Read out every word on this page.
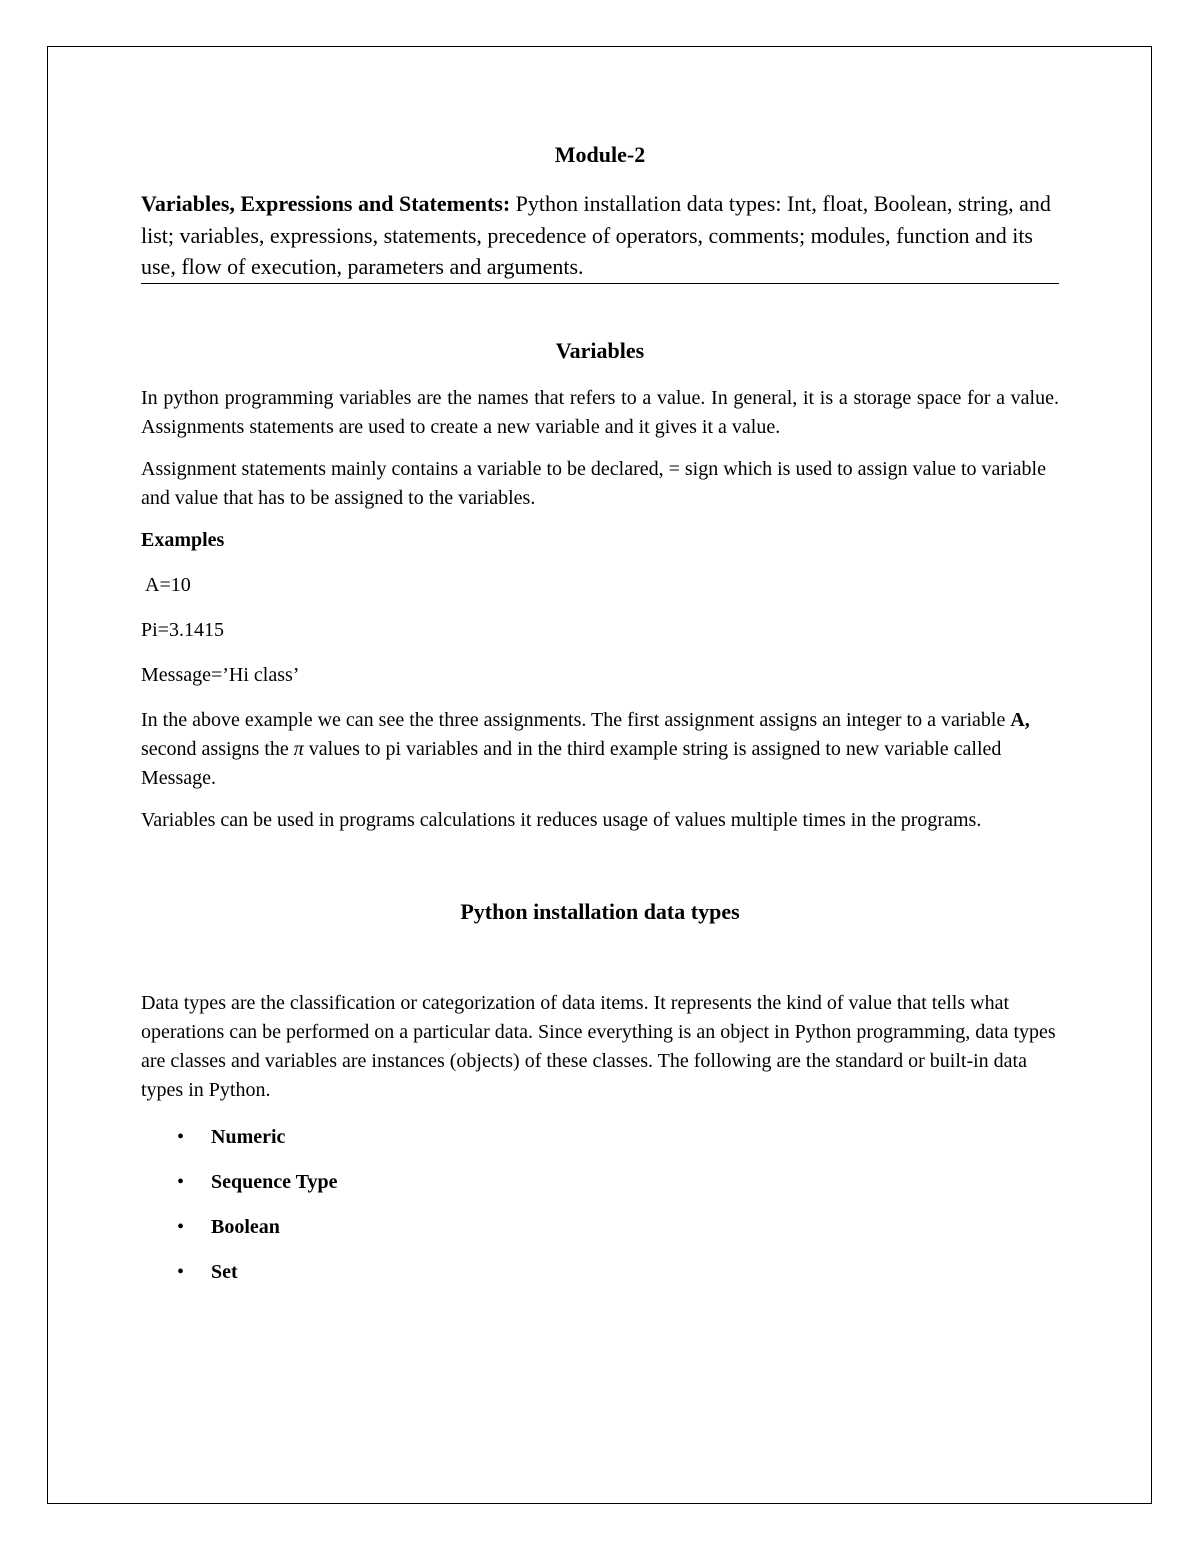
Module-2

Variables, Expressions and Statements: Python installation data types: Int, float, Boolean, string, and list; variables, expressions, statements, precedence of operators, comments; modules, function and its use, flow of execution, parameters and arguments.

Variables

In python programming variables are the names that refers to a value. In general, it is a storage space for a value. Assignments statements are used to create a new variable and it gives it a value.

Assignment statements mainly contains a variable to be declared, = sign which is used to assign value to variable and value that has to be assigned to the variables.

Examples
A=10
Pi=3.1415
Message=’Hi class’

In the above example we can see the three assignments. The first assignment assigns an integer to a variable A, second assigns the π values to pi variables and in the third example string is assigned to new variable called Message.

Variables can be used in programs calculations it reduces usage of values multiple times in the programs.

Python installation data types

Data types are the classification or categorization of data items. It represents the kind of value that tells what operations can be performed on a particular data. Since everything is an object in Python programming, data types are classes and variables are instances (objects) of these classes. The following are the standard or built-in data types in Python.

• Numeric
• Sequence Type
• Boolean
• Set
